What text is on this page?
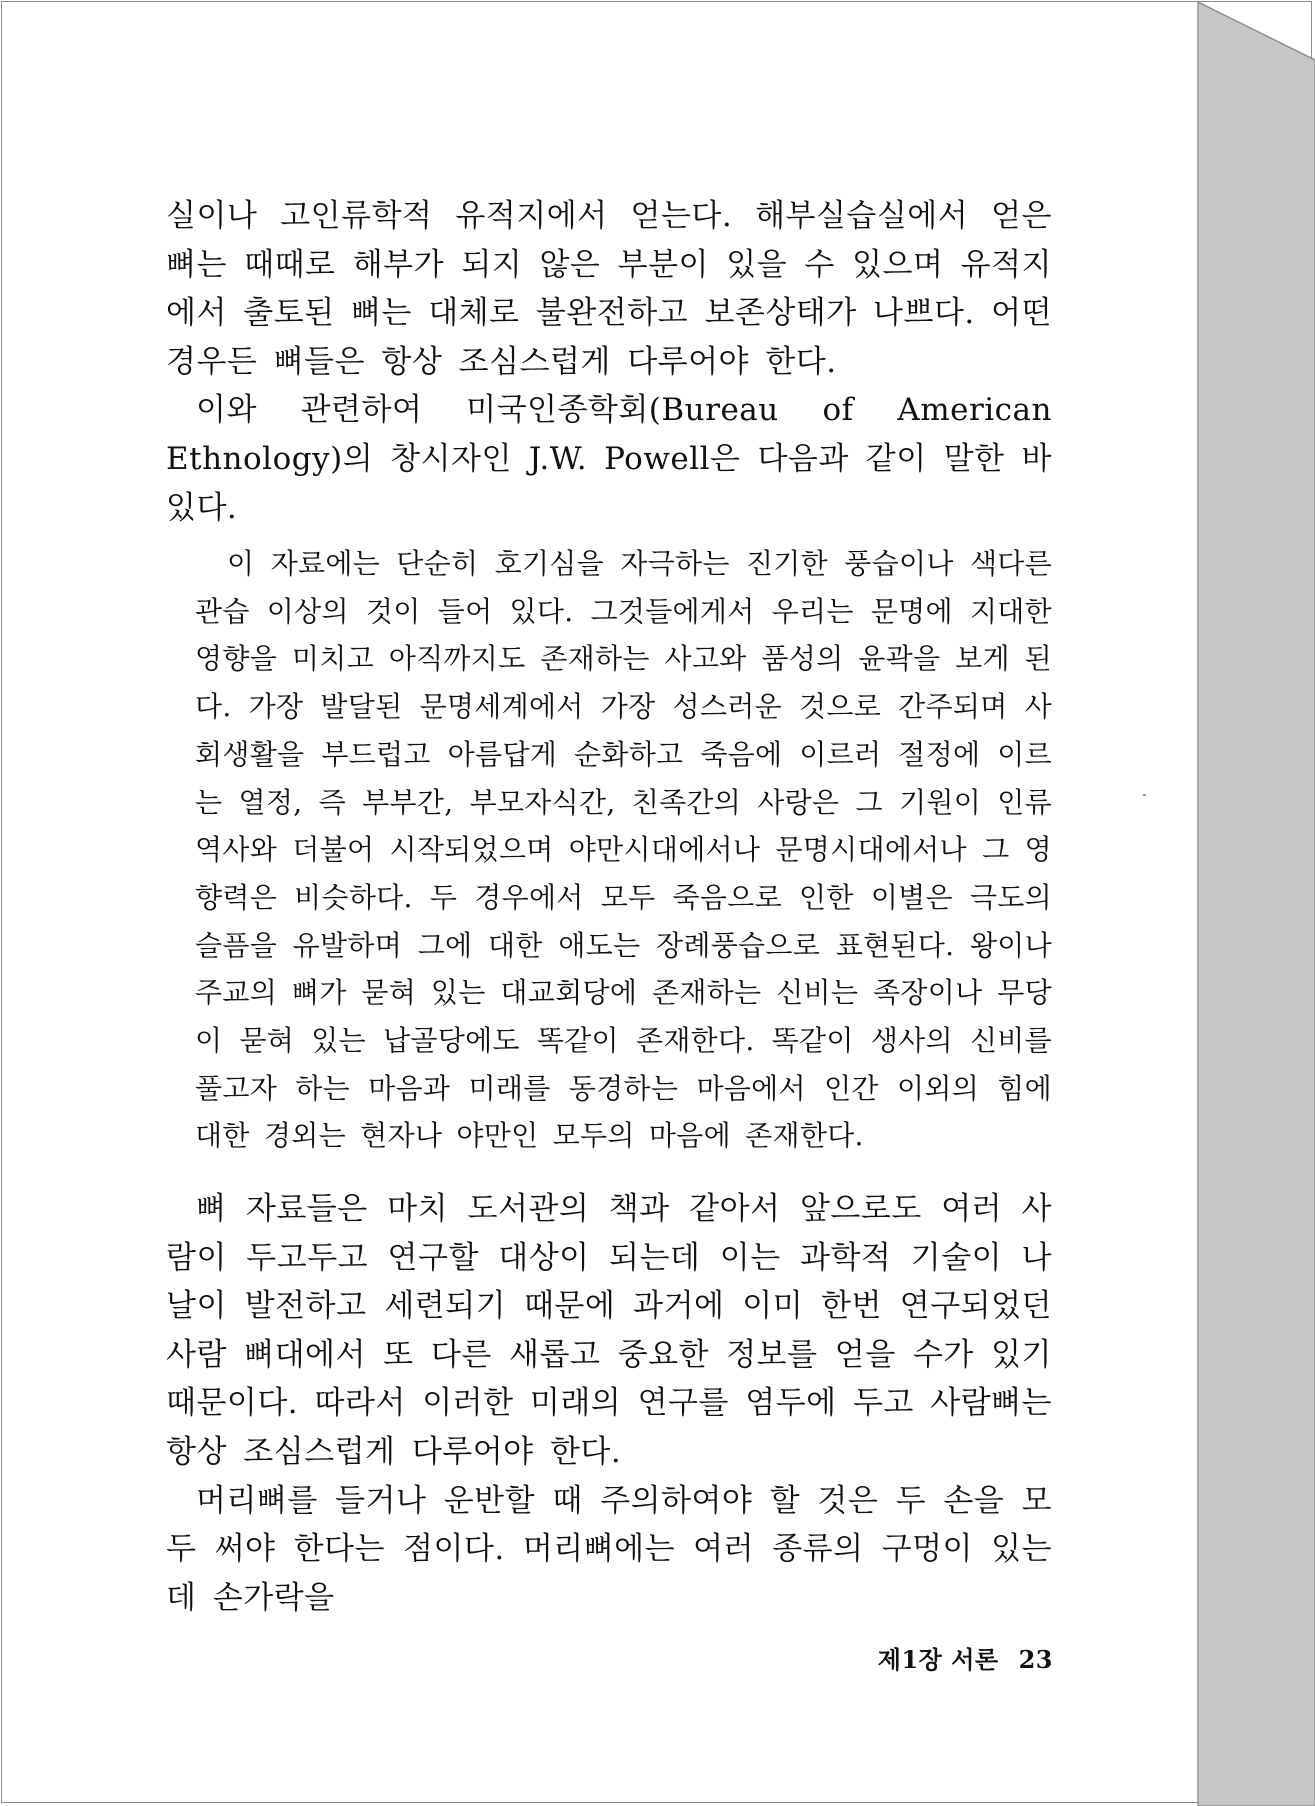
실이나 고인류학적 유적지에서 얻는다. 해부실습실에서 얻은 뼈는 때때로 해부가 되지 않은 부분이 있을 수 있으며 유적지에서 출토된 뼈는 대체로 불완전하고 보존상태가 나쁘다. 어떤 경우든 뼈들은 항상 조심스럽게 다루어야 한다.

이와 관련하여 미국인종학회(Bureau of American Ethnology)의 창시자인 J.W. Powell은 다음과 같이 말한 바 있다.

이 자료에는 단순히 호기심을 자극하는 진기한 풍습이나 색다른 관습 이상의 것이 들어 있다. 그것들에게서 우리는 문명에 지대한 영향을 미치고 아직까지도 존재하는 사고와 품성의 윤곽을 보게 된다. 가장 발달된 문명세계에서 가장 성스러운 것으로 간주되며 사회생활을 부드럽고 아름답게 순화하고 죽음에 이르러 절정에 이르는 열정, 즉 부부간, 부모자식간, 친족간의 사랑은 그 기원이 인류 역사와 더불어 시작되었으며 야만시대에서나 문명시대에서나 그 영향력은 비슷하다. 두 경우에서 모두 죽음으로 인한 이별은 극도의 슬픔을 유발하며 그에 대한 애도는 장례풍습으로 표현된다. 왕이나 주교의 뼈가 묻혀 있는 대교회당에 존재하는 신비는 족장이나 무당이 묻혀 있는 납골당에도 똑같이 존재한다. 똑같이 생사의 신비를 풀고자 하는 마음과 미래를 동경하는 마음에서 인간 이외의 힘에 대한 경외는 현자나 야만인 모두의 마음에 존재한다.

뼈 자료들은 마치 도서관의 책과 같아서 앞으로도 여러 사람이 두고두고 연구할 대상이 되는데 이는 과학적 기술이 나날이 발전하고 세련되기 때문에 과거에 이미 한번 연구되었던 사람 뼈대에서 또 다른 새롭고 중요한 정보를 얻을 수가 있기 때문이다. 따라서 이러한 미래의 연구를 염두에 두고 사람뼈는 항상 조심스럽게 다루어야 한다.

머리뼈를 들거나 운반할 때 주의하여야 할 것은 두 손을 모두 써야 한다는 점이다. 머리뼈에는 여러 종류의 구멍이 있는데 손가락을

제1장 서론 23
